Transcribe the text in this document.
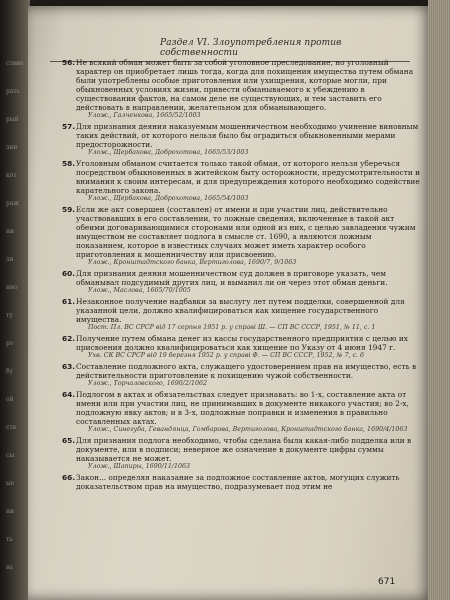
ствие
рать
рый
эни
кот
раж
ни
ля
нно
ту
ро
бу
ой
ств
сы
ые
ни
ть
нь
Раздел VI. Злоупотребления против собственности
56. Не всякий обман может быть за собой уголовное преследование, но уголовный характер он приобретает лишь тогда, когда для похищения имущества путем обмана были употреблены особые приготовления или ухищрения, которые могли, при обыкновенных условиях жизни, привести обманываемого к убеждению в существовании фактов, на самом деле не существующих, и тем заставить его действовать в направлении, желательном для обманывающего.
Улож., Галченкова, 1665/52/1003
57. Для признания деяния наказуемым мошенничеством необходимо учинение виновным таких действий, от которого нельзя было бы оградиться обыкновенными мерами предосторожности.
Улож., Щербакова, Доброхотова, 1665/53/1003
58. Уголовным обманом считается только такой обман, от которого нельзя уберечься посредством обыкновенных в житейском быту осторожности, предусмотрительности и внимания к своим интересам, и для предупреждения которого необходимо содействие карательного закона.
Улож., Щербакова, Доброхотова, 1665/54/1003
59. Если же акт совершен (составлен) от имени и при участии лиц, действительно участвовавших в его составлении, то ложные сведения, включенные в такой акт обеими договаривающимися сторонами или одной из них, с целью завладения чужим имуществом не составляет подлога в смысле ст. 1690, а являются ложным показанием, которое в известных случаях может иметь характер особого приготовления к мошенничеству или присвоению.
Улож., Кронштадтского банка, Вертиголова, 1690/7, 9/1063
60. Для признания деяния мошенничеством суд должен в приговоре указать, чем обманывал подсудимый других лиц, и выманил ли он через этот обман деньги.
Улож., Маслова, 1665/70/1005
61. Незаконное получение надбавки за выслугу лет путем подделки, совершенной для указанной цели, должно квалифицироваться как хищение государственного имущества.
Пост. Пл. ВС СРСР від 17 серпня 1951 р. у справі Ш. — СП ВС СССР, 1951, № 11, с. 1
62. Получение путем обмана денег из кассы государственного предприятия с целью их присвоения должно квалифицироваться как хищение по Указу от 4 июня 1947 г.
Ухв. СК ВС СРСР від 19 березня 1952 р. у справі Ф. — СП ВС СССР, 1952, № 7, с. 6
63. Составление подложного акта, служащего удостоверением прав на имущество, есть в действительности приготовление к похищению чужой собственности.
Улож., Торчаловского, 1690/2/1062
64. Подлогом в актах и обязательствах следует признавать: во 1-х, составление акта от имени или при участии лиц, не принимавших в документе никакого участия; во 2-х, подложную явку актов; и в 3-х, подложные поправки и изменения в правильно составленных актах.
Улож., Синегуба, Гевандянца, Гомбарова, Вертиголова, Кронштадтского банка, 1690/4/1063
65. Для признания подлога необходимо, чтобы сделана была какая-либо подделка или в документе, или в подписи; неверное же означение в документе цифры суммы наказывается не может.
Улож., Шапиры, 1690/11/1063
66. Закон... определяя наказание за подложное составление актов, могущих служить доказательством прав на имущество, подразумевает под этим не
671
